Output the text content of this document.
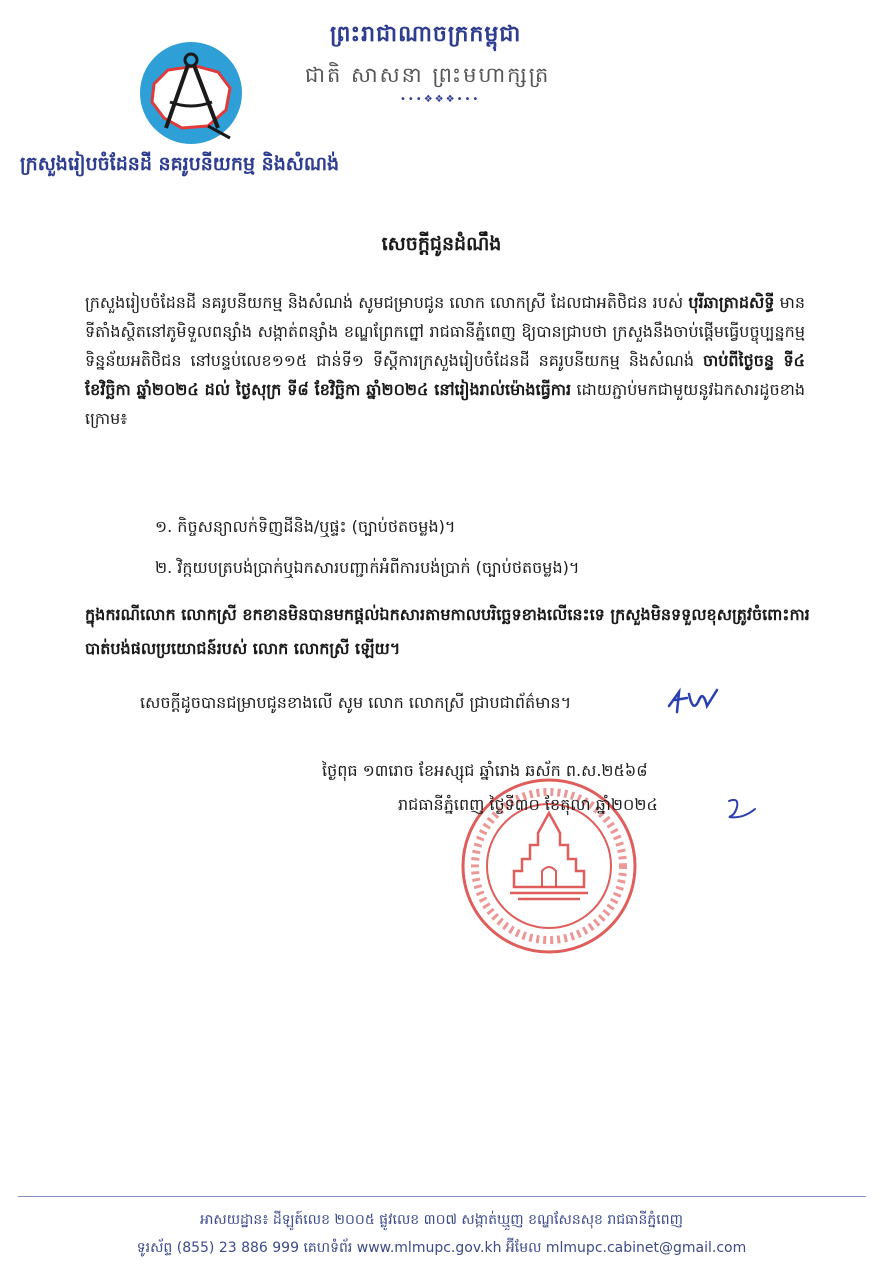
ព្រះរាជាណាចក្រកម្ពុជា
ជាតិ សាសនា ព្រះមហាក្សត្រ
•••❖❖❖•••
ក្រសួងរៀបចំដែនដី នគរូបនីយកម្ម និងសំណង់
សេចក្តីជូនដំណឹង
ក្រសួងរៀបចំដែនដី នគរូបនីយកម្ម និងសំណង់ សូមជម្រាបជូន លោក លោកស្រី ដែលជាអតិថិជន របស់ បុរីឆាត្រាដសិទ្ធី មានទីតាំងស្ថិតនៅភូមិទួលពន្សាំង សង្កាត់ពន្សាំង ខណ្ឌព្រែកព្នៅ រាជធានីភ្នំពេញ ឱ្យបានជ្រាបថា ក្រសួងនឹងចាប់ផ្តើមធ្វើបច្ចុប្បន្នកម្មទិន្នន័យអតិថិជន នៅបន្ទប់លេខ១១៥ ជាន់ទី១ ទីស្តីការក្រសួងរៀបចំដែនដី នគរូបនីយកម្ម និងសំណង់ ចាប់ពីថ្ងៃចន្ទ ទី៤ ខែវិច្ឆិកា ឆ្នាំ២០២៤ ដល់ ថ្ងៃសុក្រ ទី៨ ខែវិច្ឆិកា ឆ្នាំ២០២៤ នៅរៀងរាល់ម៉ោងធ្វើការ ដោយភ្ជាប់មកជាមួយនូវឯកសារដូចខាងក្រោម៖
១. កិច្ចសន្យាលក់ទិញដីនិង/ឬផ្ទះ (ច្បាប់ថតចម្លង)។
២. វិក្កយបត្របង់ប្រាក់ឬឯកសារបញ្ជាក់អំពីការបង់ប្រាក់ (ច្បាប់ថតចម្លង)។
ក្នុងករណីលោក លោកស្រី ខកខានមិនបានមកផ្តល់ឯកសារតាមកាលបរិច្ឆេទខាងលើនេះទេ ក្រសួងមិនទទួលខុសត្រូវចំពោះការបាត់បង់ផលប្រយោជន៍របស់ លោក លោកស្រី ឡើយ។
សេចក្តីដូចបានជម្រាបជូនខាងលើ សូម លោក លោកស្រី ជ្រាបជាព័ត៌មាន។
ថ្ងៃពុធ ១៣រោច ខែអស្សុជ ឆ្នាំរោង ឆស័ក ព.ស.២៥៦៨
រាជធានីភ្នំពេញ ថ្ងៃទី៣០ ខែតុលា ឆ្នាំ២០២៤
អាសយដ្ឋាន៖ ដីឡូត៍លេខ ២០០៥ ផ្លូវលេខ ៣០៧ សង្កាត់ឃ្មួញ ខណ្ឌសែនសុខ រាជធានីភ្នំពេញ
ទូរស័ព្ទ (855) 23 886 999 គេហទំព័រ www.mlmupc.gov.kh អ៊ីមែល mlmupc.cabinet@gmail.com
